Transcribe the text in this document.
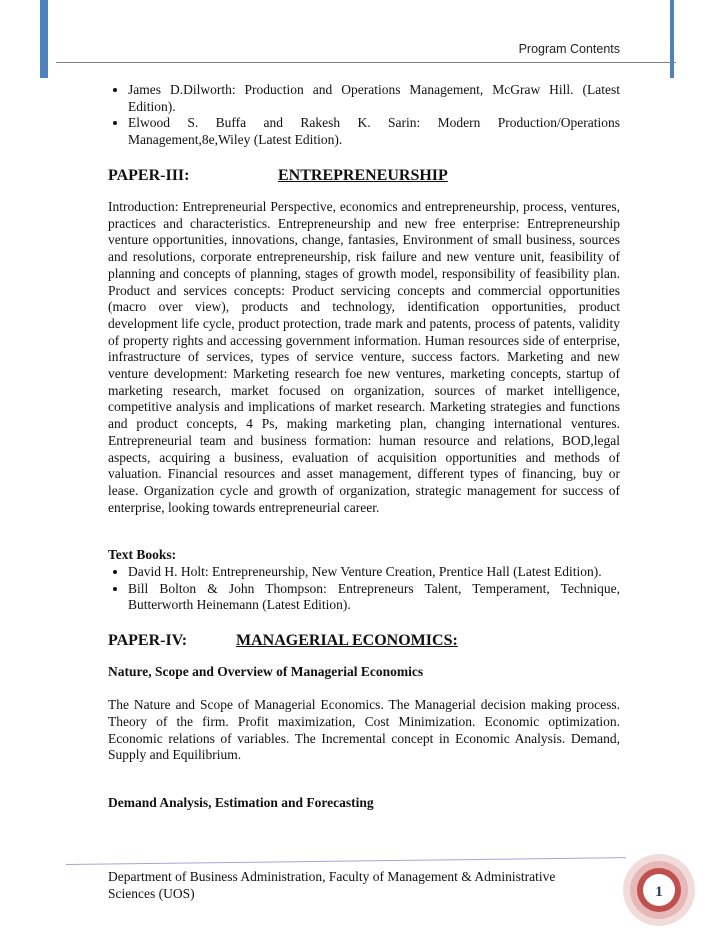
Program Contents
• James D.Dilworth: Production and Operations Management, McGraw Hill. (Latest Edition).
• Elwood S. Buffa and Rakesh K. Sarin: Modern Production/Operations Management,8e,Wiley (Latest Edition).
PAPER-III:	ENTREPRENEURSHIP

Introduction: Entrepreneurial Perspective, economics and entrepreneurship, process, ventures, practices and characteristics. Entrepreneurship and new free enterprise: Entrepreneurship venture opportunities, innovations, change, fantasies, Environment of small business, sources and resolutions, corporate entrepreneurship, risk failure and new venture unit, feasibility of planning and concepts of planning, stages of growth model, responsibility of feasibility plan. Product and services concepts: Product servicing concepts and commercial opportunities (macro over view), products and technology, identification opportunities, product development life cycle, product protection, trade mark and patents, process of patents, validity of property rights and accessing government information. Human resources side of enterprise, infrastructure of services, types of service venture, success factors. Marketing and new venture development: Marketing research foe new ventures, marketing concepts, startup of marketing research, market focused on organization, sources of market intelligence, competitive analysis and implications of market research. Marketing strategies and functions and product concepts, 4 Ps, making marketing plan, changing international ventures. Entrepreneurial team and business formation: human resource and relations, BOD,legal aspects, acquiring a business, evaluation of acquisition opportunities and methods of valuation. Financial resources and asset management, different types of financing, buy or lease. Organization cycle and growth of organization, strategic management for success of enterprise, looking towards entrepreneurial career.

Text Books:

• David H. Holt: Entrepreneurship, New Venture Creation, Prentice Hall (Latest Edition).
• Bill Bolton & John Thompson: Entrepreneurs Talent, Temperament, Technique, Butterworth Heinemann (Latest Edition).
PAPER-IV:	MANAGERIAL ECONOMICS:

Nature, Scope and Overview of Managerial Economics

The Nature and Scope of Managerial Economics. The Managerial decision making process. Theory of the firm. Profit maximization, Cost Minimization. Economic optimization. Economic relations of variables. The Incremental concept in Economic Analysis. Demand, Supply and Equilibrium.

Demand Analysis, Estimation and Forecasting

Department of Business Administration, Faculty of Management & Administrative Sciences (UOS)	1
